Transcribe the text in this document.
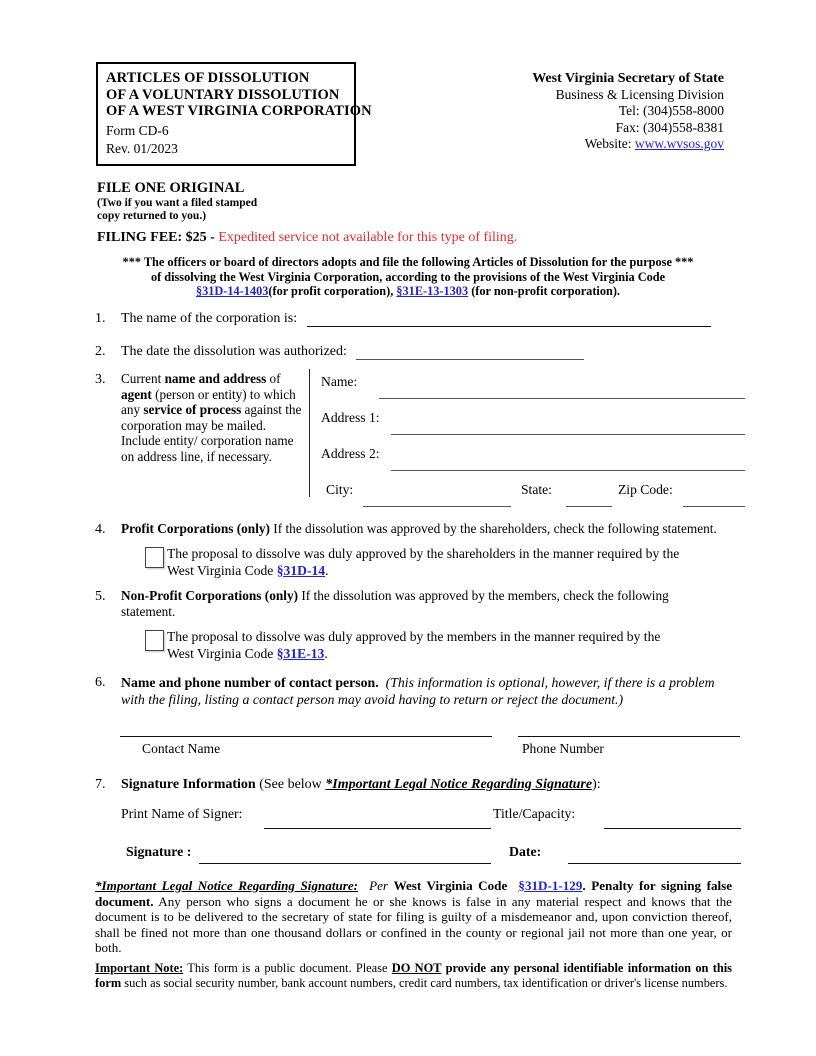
ARTICLES OF DISSOLUTION
OF A VOLUNTARY DISSOLUTION
OF A WEST VIRGINIA CORPORATION
Form CD-6
Rev. 01/2023
West Virginia Secretary of State
Business & Licensing Division
Tel: (304)558-8000
Fax: (304)558-8381
Website: www.wvsos.gov
FILE ONE ORIGINAL
(Two if you want a filed stamped
copy returned to you.)
FILING FEE: $25 - Expedited service not available for this type of filing.
*** The officers or board of directors adopts and file the following Articles of Dissolution for the purpose ***
of dissolving the West Virginia Corporation, according to the provisions of the West Virginia Code
§31D-14-1403(for profit corporation), §31E-13-1303 (for non-profit corporation).
1.	The name of the corporation is:
2.	The date the dissolution was authorized:
3.	Current name and address of agent (person or entity) to which any service of process against the corporation may be mailed. Include entity/ corporation name on address line, if necessary.
Name:
Address 1:
Address 2:
City:	State:	Zip Code:
4.	Profit Corporations (only) If the dissolution was approved by the shareholders, check the following statement.
The proposal to dissolve was duly approved by the shareholders in the manner required by the
West Virginia Code §31D-14.
5.	Non-Profit Corporations (only) If the dissolution was approved by the members, check the following statement.
The proposal to dissolve was duly approved by the members in the manner required by the
West Virginia Code §31E-13.
6.	Name and phone number of contact person. (This information is optional, however, if there is a problem with the filing, listing a contact person may avoid having to return or reject the document.)
Contact Name	Phone Number
7.	Signature Information (See below *Important Legal Notice Regarding Signature):
Print Name of Signer:	Title/Capacity:
Signature :	Date:
*Important Legal Notice Regarding Signature: Per West Virginia Code §31D-1-129. Penalty for signing false document. Any person who signs a document he or she knows is false in any material respect and knows that the document is to be delivered to the secretary of state for filing is guilty of a misdemeanor and, upon conviction thereof, shall be fined not more than one thousand dollars or confined in the county or regional jail not more than one year, or both.
Important Note: This form is a public document. Please DO NOT provide any personal identifiable information on this form such as social security number, bank account numbers, credit card numbers, tax identification or driver's license numbers.
